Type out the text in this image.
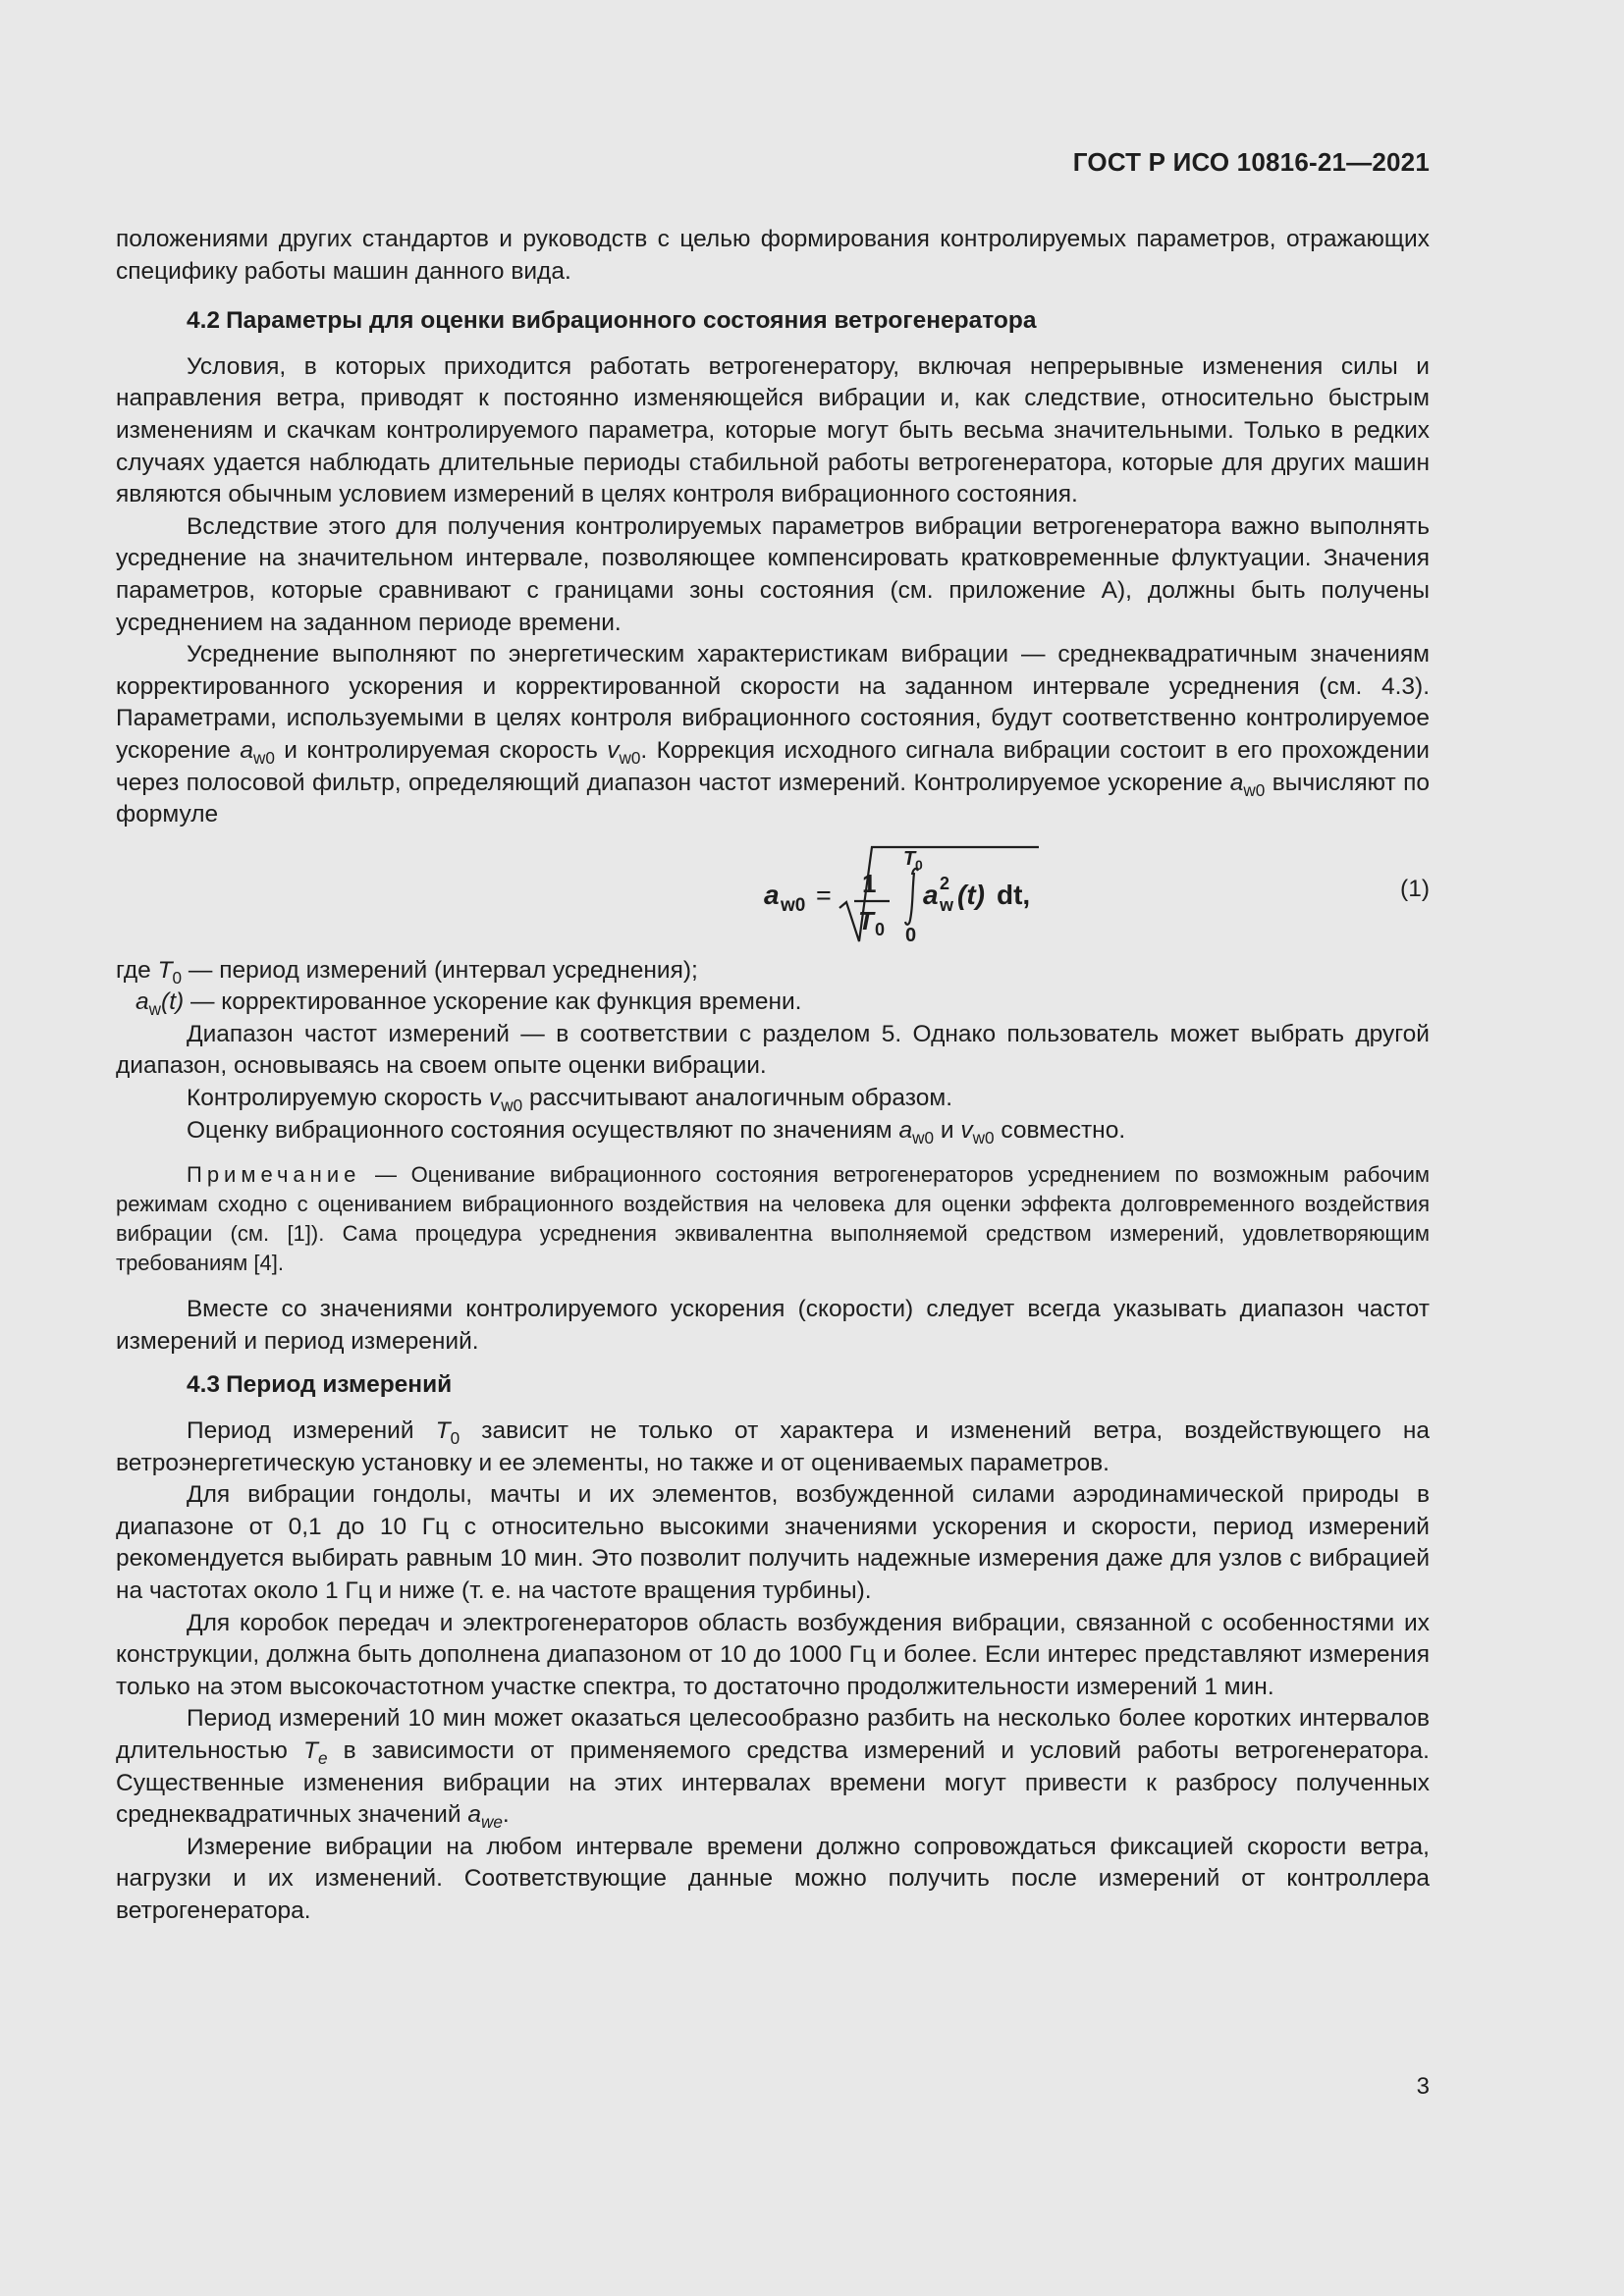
ГОСТ Р ИСО 10816-21—2021

положениями других стандартов и руководств с целью формирования контролируемых параметров, отражающих специфику работы машин данного вида.

4.2 Параметры для оценки вибрационного состояния ветрогенератора

Условия, в которых приходится работать ветрогенератору, включая непрерывные изменения силы и направления ветра, приводят к постоянно изменяющейся вибрации и, как следствие, относительно быстрым изменениям и скачкам контролируемого параметра, которые могут быть весьма значительными. Только в редких случаях удается наблюдать длительные периоды стабильной работы ветрогенератора, которые для других машин являются обычным условием измерений в целях контроля вибрационного состояния.

Вследствие этого для получения контролируемых параметров вибрации ветрогенератора важно выполнять усреднение на значительном интервале, позволяющее компенсировать кратковременные флуктуации. Значения параметров, которые сравнивают с границами зоны состояния (см. приложение А), должны быть получены усреднением на заданном периоде времени.

Усреднение выполняют по энергетическим характеристикам вибрации — среднеквадратичным значениям корректированного ускорения и корректированной скорости на заданном интервале усреднения (см. 4.3). Параметрами, используемыми в целях контроля вибрационного состояния, будут соответственно контролируемое ускорение $a_{w0}$ и контролируемая скорость $v_{w0}$. Коррекция исходного сигнала вибрации состоит в его прохождении через полосовой фильтр, определяющий диапазон частот измерений. Контролируемое ускорение $a_{w0}$ вычисляют по формуле

a w0 = 1
T 0
T 0
0
a 2
w (t) dt,	(1)

где $T_0$ — период измерений (интервал усреднения);

$a_w(t)$ — корректированное ускорение как функция времени.

Диапазон частот измерений — в соответствии с разделом 5. Однако пользователь может выбрать другой диапазон, основываясь на своем опыте оценки вибрации.

Контролируемую скорость $v_{w0}$ рассчитывают аналогичным образом.

Оценку вибрационного состояния осуществляют по значениям $a_{w0}$ и $v_{w0}$ совместно.

Примечание — Оценивание вибрационного состояния ветрогенераторов усреднением по возможным рабочим режимам сходно с оцениванием вибрационного воздействия на человека для оценки эффекта долговременного воздействия вибрации (см. [1]). Сама процедура усреднения эквивалентна выполняемой средством измерений, удовлетворяющим требованиям [4].

Вместе со значениями контролируемого ускорения (скорости) следует всегда указывать диапазон частот измерений и период измерений.

4.3 Период измерений

Период измерений $T_0$ зависит не только от характера и изменений ветра, воздействующего на ветроэнергетическую установку и ее элементы, но также и от оцениваемых параметров.

Для вибрации гондолы, мачты и их элементов, возбужденной силами аэродинамической природы в диапазоне от 0,1 до 10 Гц с относительно высокими значениями ускорения и скорости, период измерений рекомендуется выбирать равным 10 мин. Это позволит получить надежные измерения даже для узлов с вибрацией на частотах около 1 Гц и ниже (т. е. на частоте вращения турбины).

Для коробок передач и электрогенераторов область возбуждения вибрации, связанной с особенностями их конструкции, должна быть дополнена диапазоном от 10 до 1000 Гц и более. Если интерес представляют измерения только на этом высокочастотном участке спектра, то достаточно продолжительности измерений 1 мин.

Период измерений 10 мин может оказаться целесообразно разбить на несколько более коротких интервалов длительностью $T_e$ в зависимости от применяемого средства измерений и условий работы ветрогенератора. Существенные изменения вибрации на этих интервалах времени могут привести к разбросу полученных среднеквадратичных значений $a_{we}$.

Измерение вибрации на любом интервале времени должно сопровождаться фиксацией скорости ветра, нагрузки и их изменений. Соответствующие данные можно получить после измерений от контроллера ветрогенератора.

3
